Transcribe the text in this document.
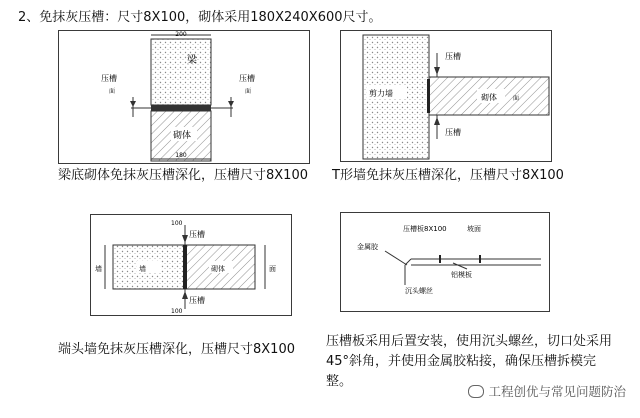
2、免抹灰压槽：尺寸8X100，砌体采用180X240X600尺寸。
200
180
梁
砌体
压槽
面
压槽
面
梁底砌体免抹灰压槽深化，压槽尺寸8X100
剪力墙	砌体	面
压槽
压槽
T形墙免抹灰压槽深化，压槽尺寸8X100
墙	面
墙	砌体
100
压槽
压槽
100
端头墙免抹灰压槽深化，压槽尺寸8X100
压槽板8X100	坡面
金属胶
铝模板
沉头螺丝
压槽板采用后置安装，使用沉头螺丝，切口处采用45°斜角，并使用金属胶粘接，确保压槽拆模完整。
工程创优与常见问题防治
